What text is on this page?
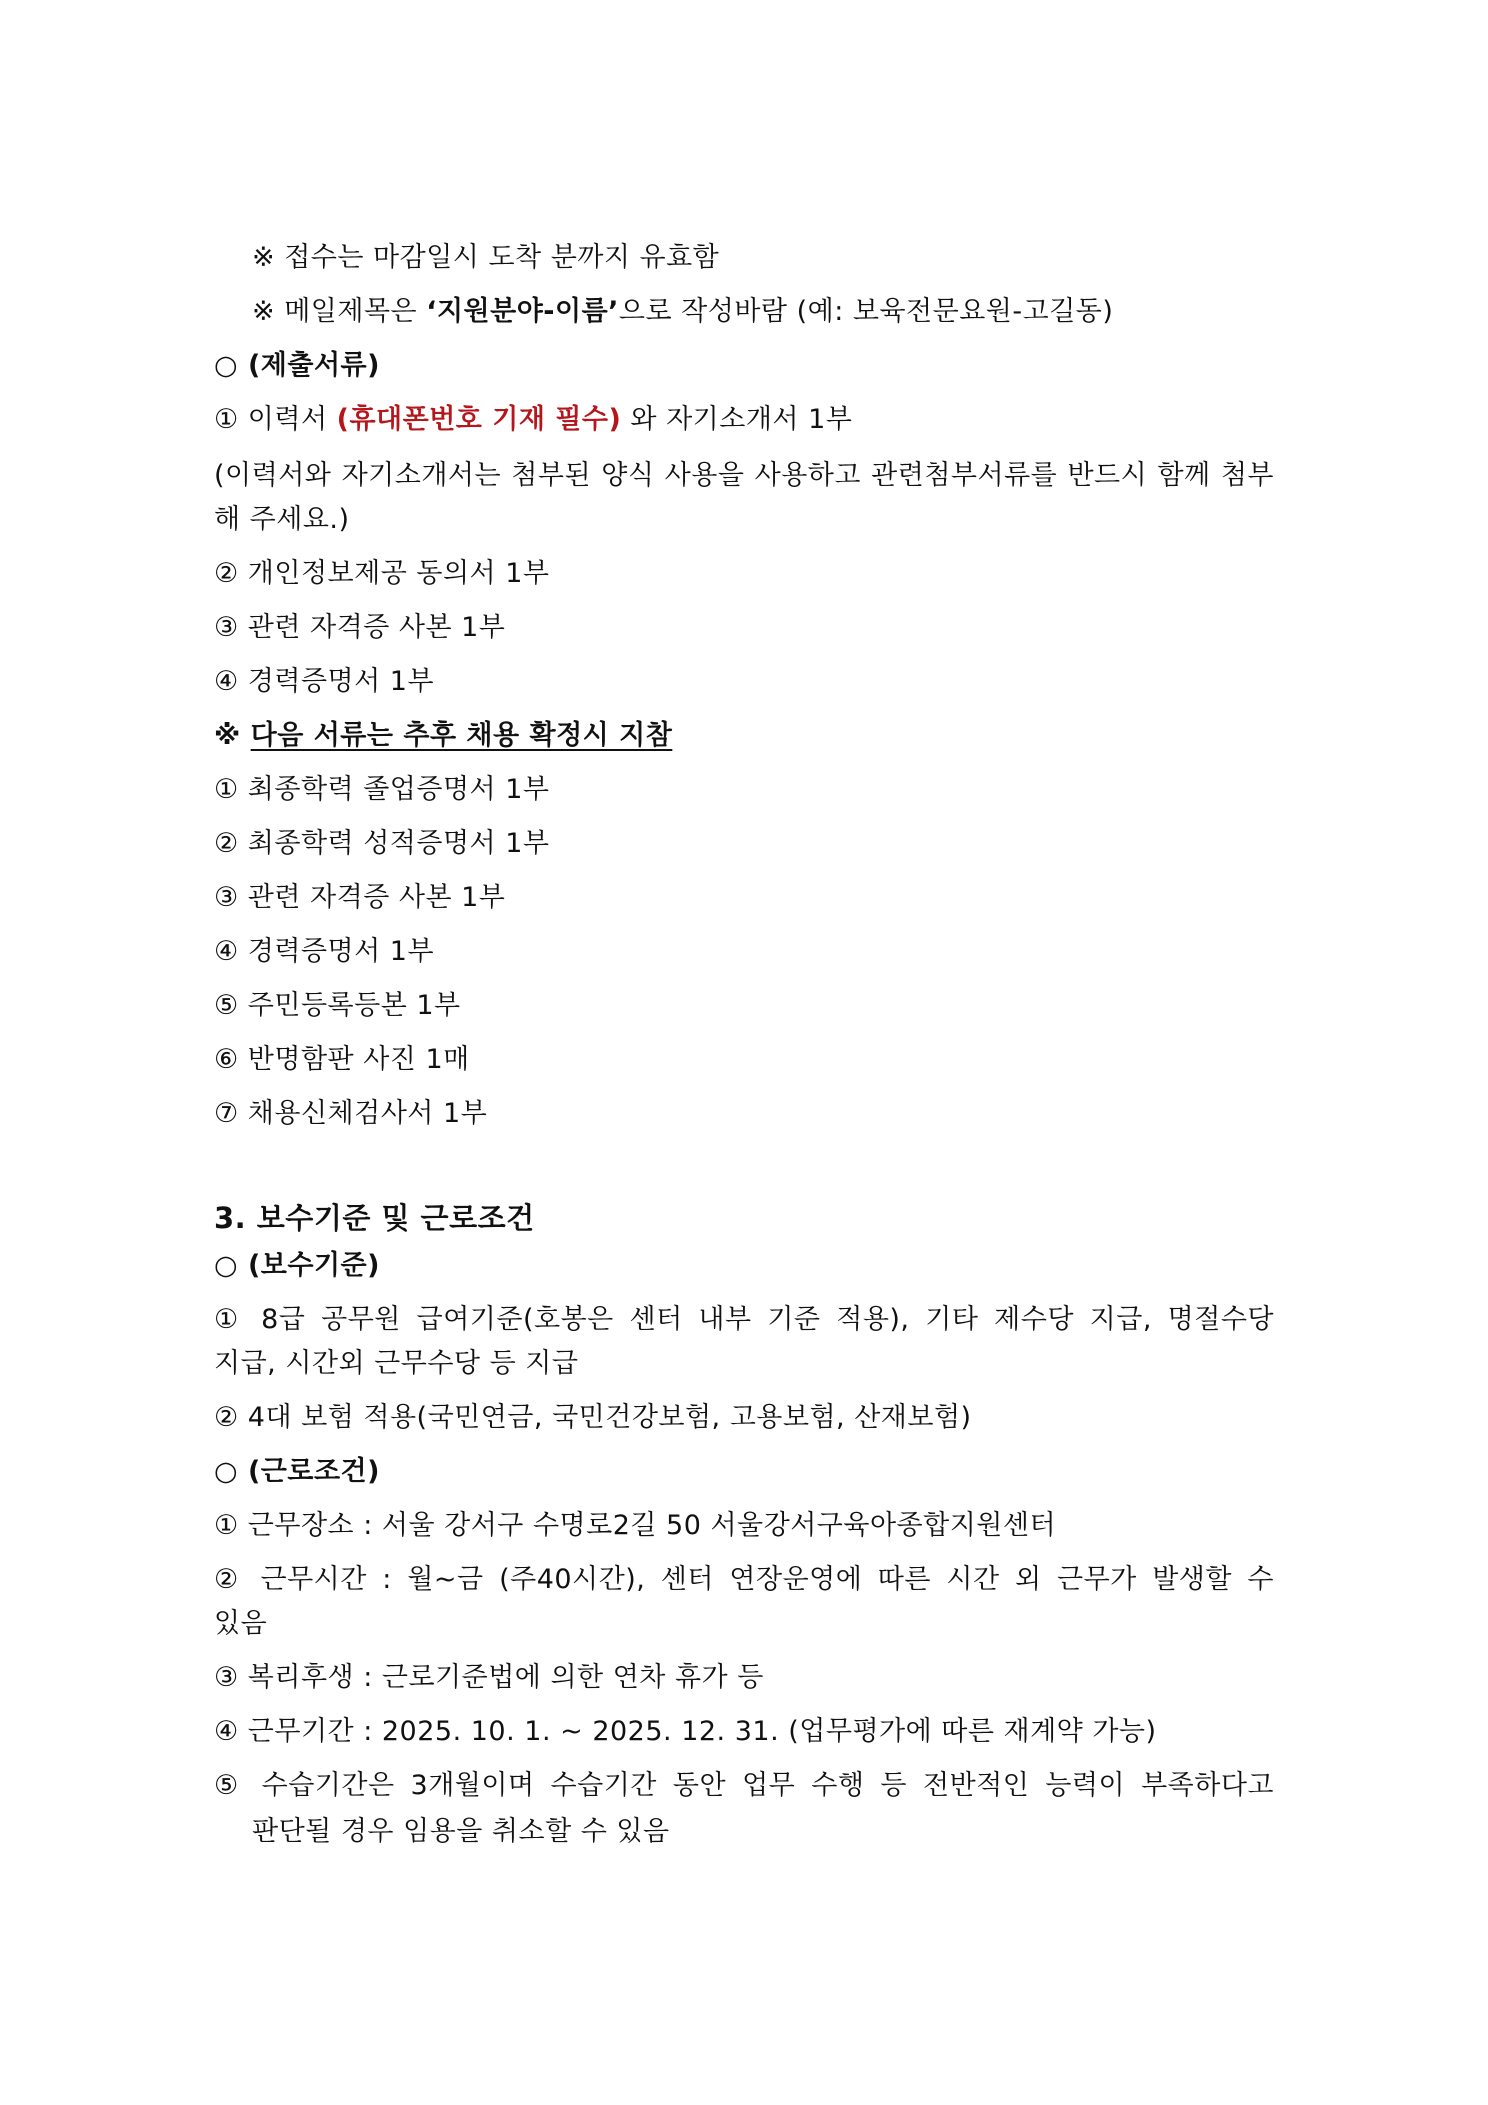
※ 접수는 마감일시 도착 분까지 유효함
※ 메일제목은 ‘지원분야-이름’으로 작성바람 (예: 보육전문요원-고길동)
○ (제출서류)
① 이력서 (휴대폰번호 기재 필수) 와 자기소개서 1부
(이력서와 자기소개서는 첨부된 양식 사용을 사용하고 관련첨부서류를 반드시 함께 첨부
해 주세요.)
② 개인정보제공 동의서 1부
③ 관련 자격증 사본 1부
④ 경력증명서 1부
※ 다음 서류는 추후 채용 확정시 지참
① 최종학력 졸업증명서 1부
② 최종학력 성적증명서 1부
③ 관련 자격증 사본 1부
④ 경력증명서 1부
⑤ 주민등록등본 1부
⑥ 반명함판 사진 1매
⑦ 채용신체검사서 1부
3. 보수기준 및 근로조건
○ (보수기준)
① 8급 공무원 급여기준(호봉은 센터 내부 기준 적용), 기타 제수당 지급, 명절수당
지급, 시간외 근무수당 등 지급
② 4대 보험 적용(국민연금, 국민건강보험, 고용보험, 산재보험)
○ (근로조건)
① 근무장소 : 서울 강서구 수명로2길 50 서울강서구육아종합지원센터
② 근무시간 : 월~금 (주40시간), 센터 연장운영에 따른 시간 외 근무가 발생할 수
있음
③ 복리후생 : 근로기준법에 의한 연차 휴가 등
④ 근무기간 : 2025. 10. 1. ~ 2025. 12. 31. (업무평가에 따른 재계약 가능)
⑤ 수습기간은 3개월이며 수습기간 동안 업무 수행 등 전반적인 능력이 부족하다고
판단될 경우 임용을 취소할 수 있음
